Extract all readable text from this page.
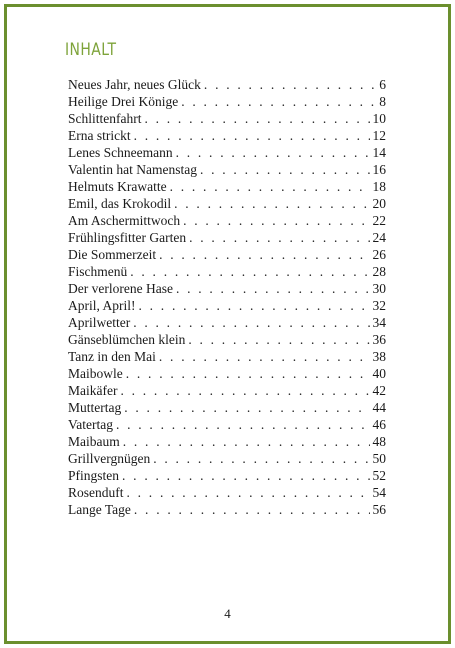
INHALT
Neues Jahr, neues Glück . . .	6
Heilige Drei Könige . . .	8
Schlittenfahrt . . .	10
Erna strickt . . .	12
Lenes Schneemann . . .	14
Valentin hat Namenstag . . .	16
Helmuts Krawatte . . .	18
Emil, das Krokodil . . .	20
Am Aschermittwoch . . .	22
Frühlingsfitter Garten . . .	24
Die Sommerzeit . . .	26
Fischmenü . . .	28
Der verlorene Hase . . .	30
April, April! . . .	32
Aprilwetter . . .	34
Gänseblümchen klein . . .	36
Tanz in den Mai . . .	38
Maibowle . . .	40
Maikäfer . . .	42
Muttertag . . .	44
Vatertag . . .	46
Maibaum . . .	48
Grillvergnügen . . .	50
Pfingsten . . .	52
Rosenduft . . .	54
Lange Tage . . .	56
4
